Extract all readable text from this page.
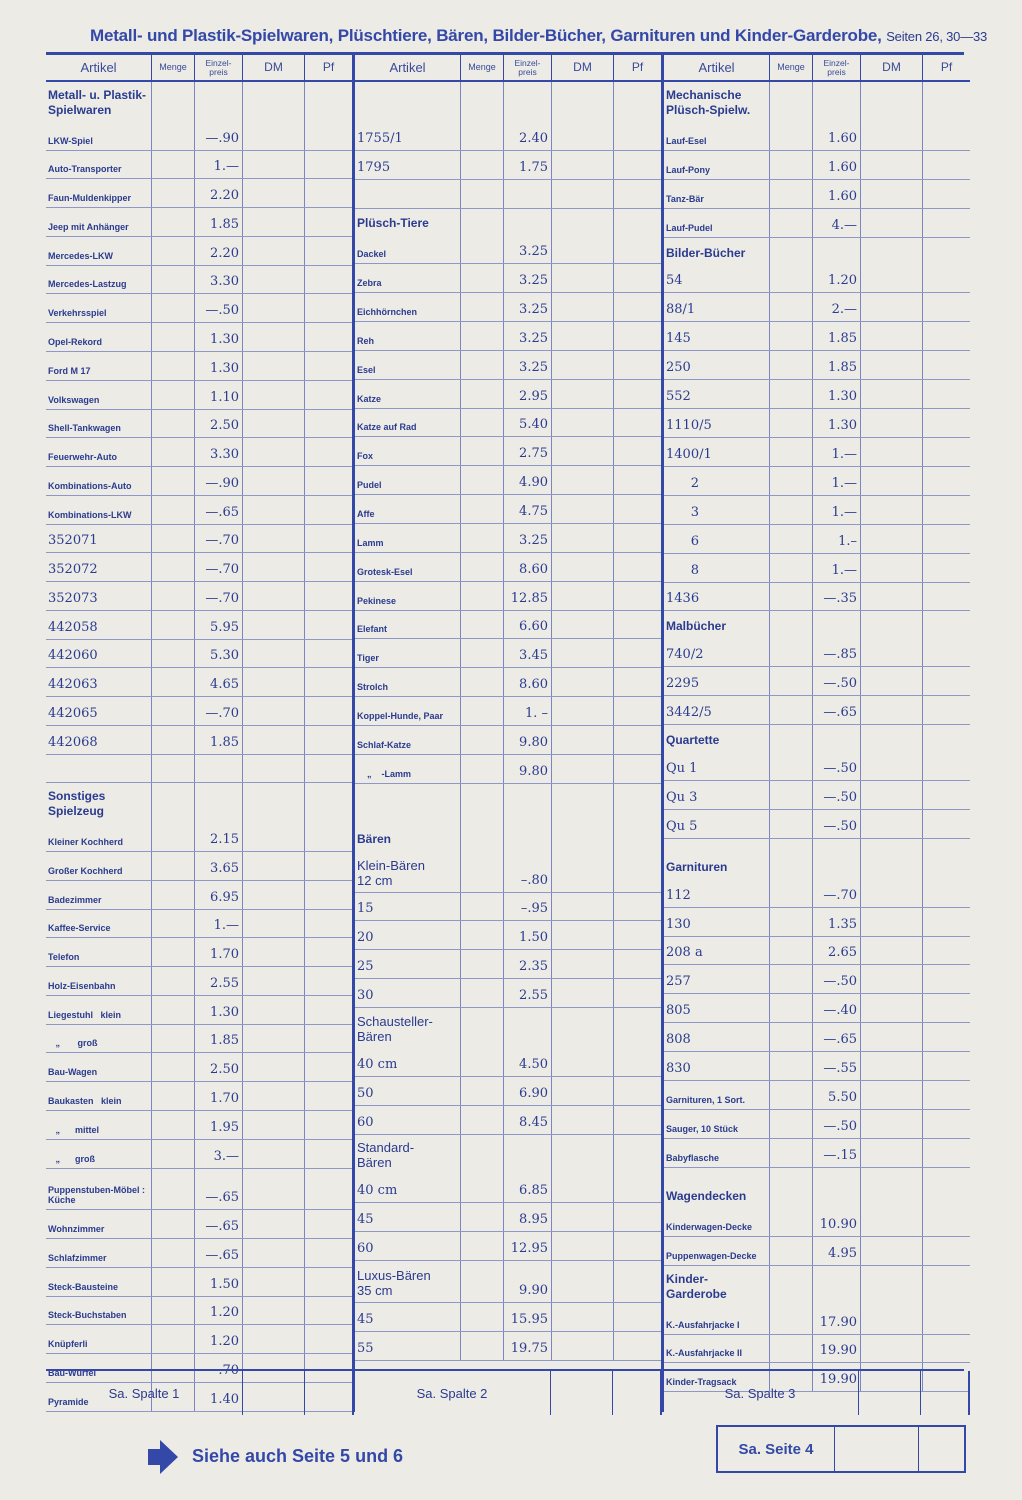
Metall- und Plastik-Spielwaren, Plüschtiere, Bären, Bilder-Bücher, Garnituren und Kinder-Garderobe, Seiten 26, 30—33
Artikel	Menge	Einzel-
preis	DM	Pf
Metall- u. Plastik-
Spielwaren
LKW-Spiel	—.90
Auto-Transporter	1.—
Faun-Muldenkipper	2.20
Jeep mit Anhänger	1.85
Mercedes-LKW	2.20
Mercedes-Lastzug	3.30
Verkehrsspiel	—.50
Opel-Rekord	1.30
Ford M 17	1.30
Volkswagen	1.10
Shell-Tankwagen	2.50
Feuerwehr-Auto	3.30
Kombinations-Auto	—.90
Kombinations-LKW	—.65
352071	—.70
352072	—.70
352073	—.70
442058	5.95
442060	5.30
442063	4.65
442065	—.70
442068	1.85
Sonstiges
Spielzeug
Kleiner Kochherd	2.15
Großer Kochherd	3.65
Badezimmer	6.95
Kaffee-Service	1.—
Telefon	1.70
Holz-Eisenbahn	2.55
Liegestuhl   klein	1.30
„       groß	1.85
Bau-Wagen	2.50
Baukasten   klein	1.70
„      mittel	1.95
„      groß	3.—
Puppenstuben-Möbel :
Küche	—.65
Wohnzimmer	—.65
Schlafzimmer	—.65
Steck-Bausteine	1.50
Steck-Buchstaben	1.20
Knüpferli	1.20
Bau-Würfel	—.70
Pyramide	1.40
Artikel	Menge	Einzel-
preis	DM	Pf
1755/1	2.40
1795	1.75
Plüsch-Tiere
Dackel	3.25
Zebra	3.25
Eichhörnchen	3.25
Reh	3.25
Esel	3.25
Katze	2.95
Katze auf Rad	5.40
Fox	2.75
Pudel	4.90
Affe	4.75
Lamm	3.25
Grotesk-Esel	8.60
Pekinese	12.85
Elefant	6.60
Tiger	3.45
Strolch	8.60
Koppel-Hunde, Paar	1. –
Schlaf-Katze	9.80
„    -Lamm	9.80
Bären
Klein-Bären
12 cm	–.80
15	–.95
20	1.50
25	2.35
30	2.55
Schausteller-
Bären
40 cm	4.50
50	6.90
60	8.45
Standard-
Bären
40 cm	6.85
45	8.95
60	12.95
Luxus-Bären
35 cm	9.90
45	15.95
55	19.75
Artikel	Menge	Einzel-
preis	DM	Pf
Mechanische
Plüsch-Spielw.
Lauf-Esel	1.60
Lauf-Pony	1.60
Tanz-Bär	1.60
Lauf-Pudel	4.—
Bilder-Bücher
54	1.20
88/1	2.—
145	1.85
250	1.85
552	1.30
1110/5	1.30
1400/1	1.—
2	1.—
3	1.—
6	1.–
8	1.—
1436	—.35
Malbücher
740/2	—.85
2295	—.50
3442/5	—.65
Quartette
Qu 1	—.50
Qu 3	—.50
Qu 5	—.50
Garnituren
112	—.70
130	1.35
208 a	2.65
257	—.50
805	—.40
808	—.65
830	—.55
Garnituren, 1 Sort.	5.50
Sauger, 10 Stück	—.50
Babyflasche	—.15
Wagendecken
Kinderwagen-Decke	10.90
Puppenwagen-Decke	4.95
Kinder-
Garderobe
K.-Ausfahrjacke I	17.90
K.-Ausfahrjacke II	19.90
Kinder-Tragsack	19.90
Sa. Spalte 1	Sa. Spalte 2	Sa. Spalte 3
Siehe auch Seite 5 und 6	Sa. Seite 4
